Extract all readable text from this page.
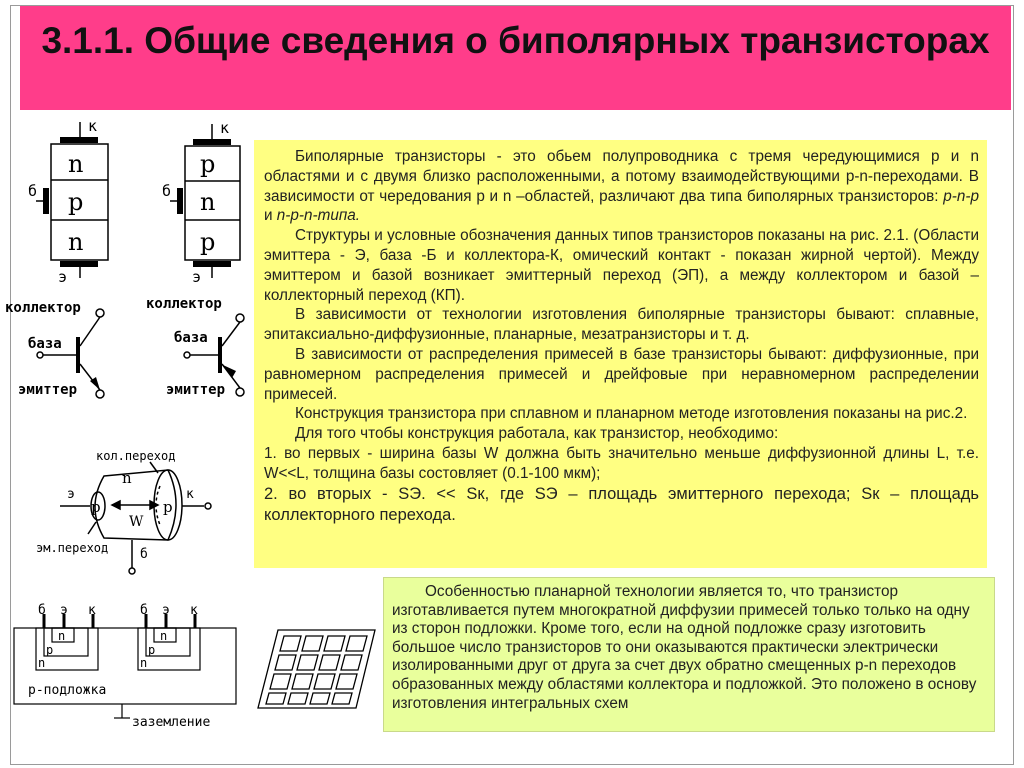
3.1.1. Общие сведения о биполярных транзисторах

Биполярные транзисторы - это обьем полупроводника с тремя чередующимися p и n областями и с двумя близко расположенными, а потому взаимодействующими p-n-переходами. В зависимости от чередования p и n –областей, различают два типа биполярных транзисторов: p-n-p и n-p-n-типа.

Структуры и условные обозначения данных типов транзисторов показаны на рис. 2.1. (Области эмиттера - Э, база -Б и коллектора-К, омический контакт - показан жирной чертой). Между эмиттером и базой возникает эмиттерный переход (ЭП), а между коллектором и базой – коллекторный переход (КП).

В зависимости от технологии изготовления биполярные транзисторы бывают: сплавные, эпитаксиально-диффузионные, планарные, мезатранзисторы и т. д.

В зависимости от распределения примесей в базе транзисторы бывают: диффузионные, при равномерном распределения примесей и дрейфовые при неравномерном распределении примесей.

Конструкция транзистора при сплавном и планарном методе изготовления показаны на рис.2.

Для того чтобы конструкция работала, как транзистор, необходимо:

1. во первых - ширина базы W должна быть значительно меньше диффузионной длины L, т.е. W<<L, толщина базы состовляет (0.1-100 мкм);

2. во вторых - SЭ. << Sк, где SЭ – площадь эмиттерного перехода; Sк – площадь коллекторного перехода.

Особенностью планарной технологии является то, что транзистор изготавливается путем многократной диффузии примесей только только на одну из сторон подложки. Кроме того, если на одной подложке сразу изготовить большое число транзисторов то они оказываются практически электрически изолированными друг от друга за счет двух обратно смещенных p-n переходов образованных между областями коллектора и подложкой. Это положено в основу изготовления интегральных схем

к
б
э
n
p
n
к
б
э
p
n
p
коллектор
база
эмиттер
коллектор
база
эмиттер
кол.переход
n
p	p
W
э	к
б
эм.переход
б э к	б э к
n
p
n
n
p
n
p-подложка
заземление
